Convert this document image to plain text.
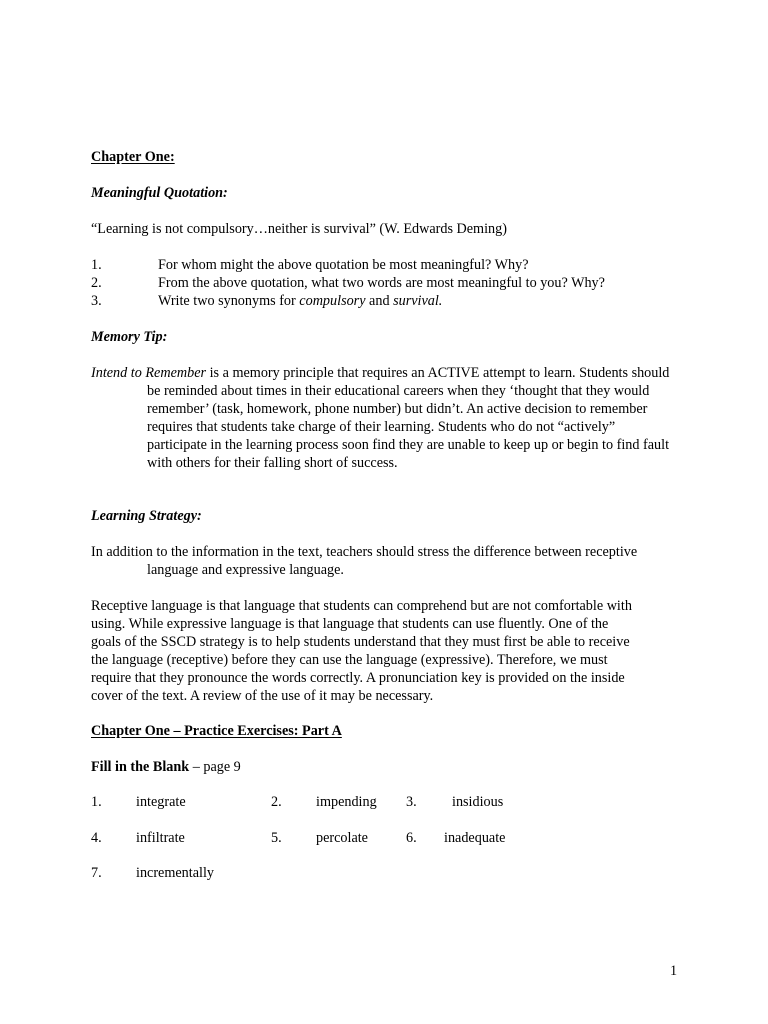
Chapter One:
Meaningful Quotation:
“Learning is not compulsory…neither is survival” (W. Edwards Deming)
1.	For whom might the above quotation be most meaningful? Why?
2.	From the above quotation, what two words are most meaningful to you? Why?
3.	Write two synonyms for compulsory and survival.
Memory Tip:
Intend to Remember is a memory principle that requires an ACTIVE attempt to learn. Students should
be reminded about times in their educational careers when they ‘thought that they would
remember’ (task, homework, phone number) but didn’t. An active decision to remember
requires that students take charge of their learning. Students who do not “actively”
participate in the learning process soon find they are unable to keep up or begin to find fault
with others for their falling short of success.
Learning Strategy:
In addition to the information in the text, teachers should stress the difference between receptive
language and expressive language.
Receptive language is that language that students can comprehend but are not comfortable with
using. While expressive language is that language that students can use fluently. One of the
goals of the SSCD strategy is to help students understand that they must first be able to receive
the language (receptive) before they can use the language (expressive). Therefore, we must
require that they pronounce the words correctly. A pronunciation key is provided on the inside
cover of the text. A review of the use of it may be necessary.
Chapter One – Practice Exercises: Part A
Fill in the Blank – page 9
1. integrate	2. impending 3. insidious
4. infiltrate	5. percolate	6. inadequate
7. incrementally
1
